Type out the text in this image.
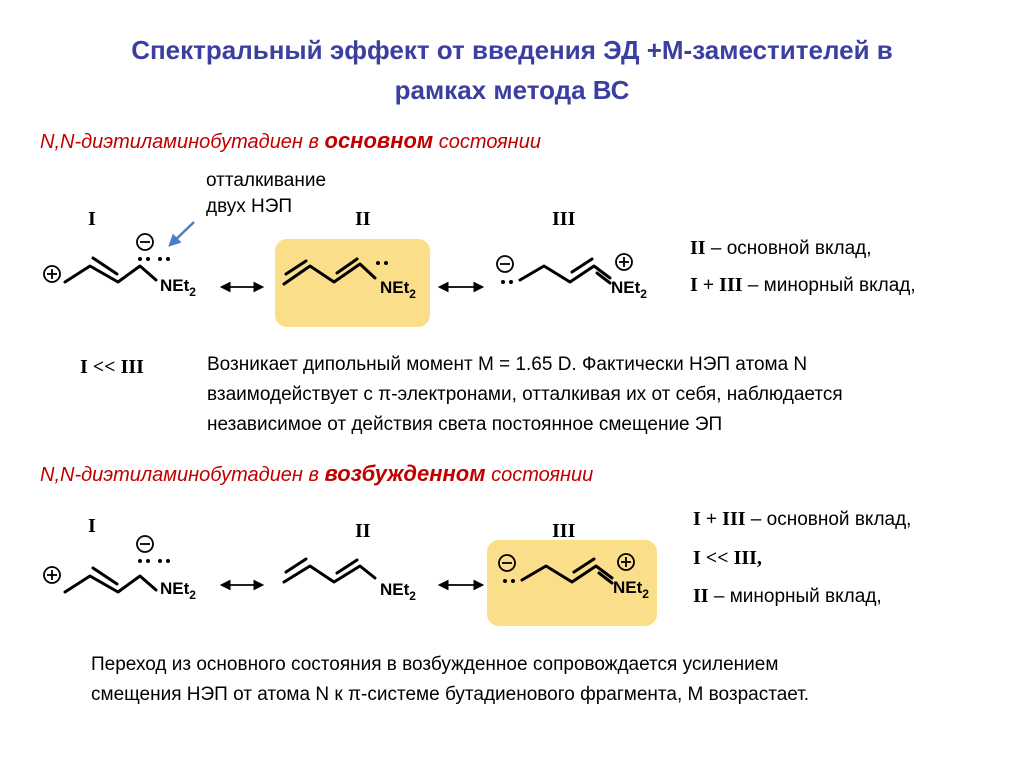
Спектральный эффект от введения ЭД +M-заместителей в
рамках метода ВС
N,N-диэтиламинобутадиен в основном состоянии
отталкивание
двух НЭП
I	II	III
NEt$_2$	NEt$_2$	NEt$_2$
II – основной вклад,
I + III – минорный вклад,
I << III	Возникает дипольный момент M = 1.65 D. Фактически НЭП атома N
взаимодействует с π-электронами, отталкивая их от себя, наблюдается
независимое от действия света постоянное смещение ЭП
N,N-диэтиламинобутадиен в возбужденном состоянии
I	II	III
NEt$_2$	NEt$_2$	NEt$_2$
I + III – основной вклад,
I << III,
II – минорный вклад,
Переход из основного состояния в возбужденное сопровождается усилением
смещения НЭП от атома N к π-системе бутадиенового фрагмента, M возрастает.
